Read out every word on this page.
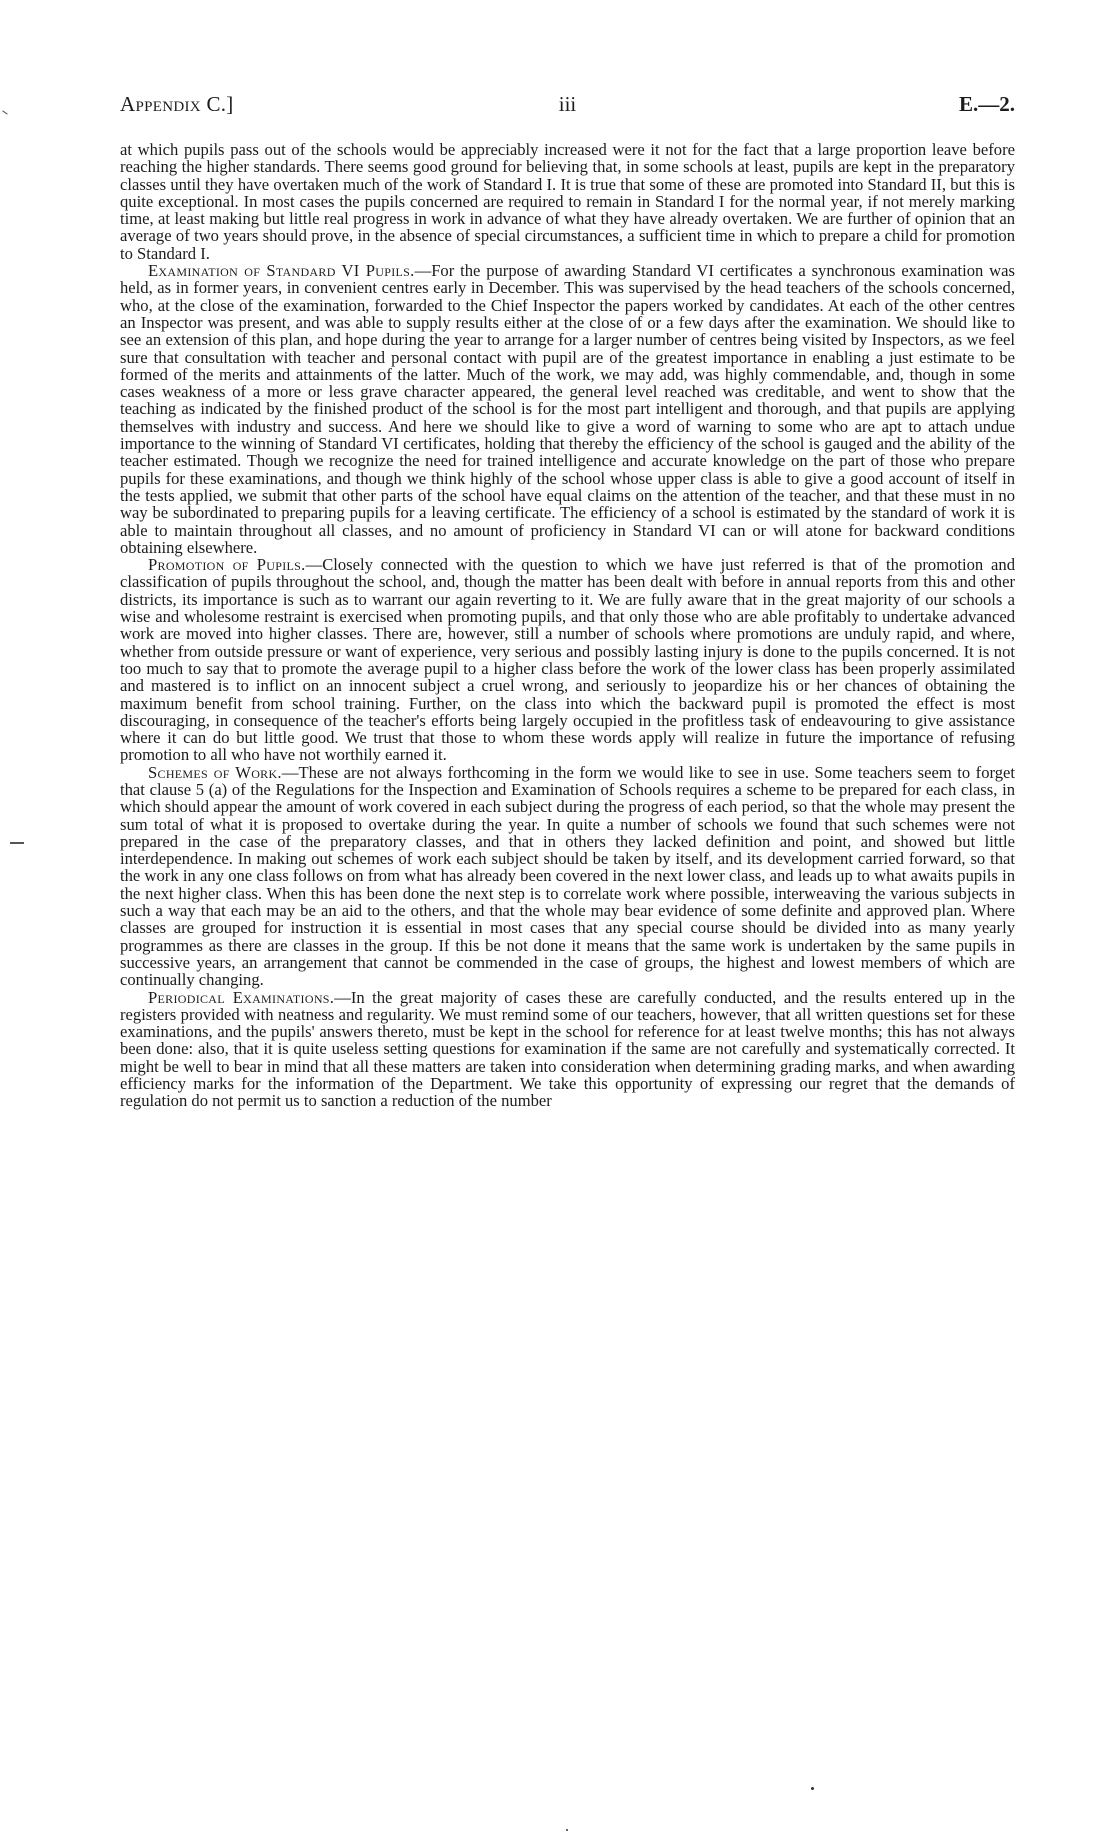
Appendix C.]	iii	E.—2.

at which pupils pass out of the schools would be appreciably increased were it not for the fact that a large proportion leave before reaching the higher standards. There seems good ground for believing that, in some schools at least, pupils are kept in the preparatory classes until they have overtaken much of the work of Standard I. It is true that some of these are promoted into Standard II, but this is quite exceptional. In most cases the pupils concerned are required to remain in Standard I for the normal year, if not merely marking time, at least making but little real progress in work in advance of what they have already overtaken. We are further of opinion that an average of two years should prove, in the absence of special circumstances, a sufficient time in which to prepare a child for promotion to Standard I.

Examination of Standard VI Pupils.—For the purpose of awarding Standard VI certificates a synchronous examination was held, as in former years, in convenient centres early in December. This was supervised by the head teachers of the schools concerned, who, at the close of the examination, forwarded to the Chief Inspector the papers worked by candidates. At each of the other centres an Inspector was present, and was able to supply results either at the close of or a few days after the examination. We should like to see an extension of this plan, and hope during the year to arrange for a larger number of centres being visited by Inspectors, as we feel sure that consultation with teacher and personal contact with pupil are of the greatest importance in enabling a just estimate to be formed of the merits and attainments of the latter. Much of the work, we may add, was highly commendable, and, though in some cases weakness of a more or less grave character appeared, the general level reached was creditable, and went to show that the teaching as indicated by the finished product of the school is for the most part intelligent and thorough, and that pupils are applying themselves with industry and success. And here we should like to give a word of warning to some who are apt to attach undue importance to the winning of Standard VI certificates, holding that thereby the efficiency of the school is gauged and the ability of the teacher estimated. Though we recognize the need for trained intelligence and accurate knowledge on the part of those who prepare pupils for these examinations, and though we think highly of the school whose upper class is able to give a good account of itself in the tests applied, we submit that other parts of the school have equal claims on the attention of the teacher, and that these must in no way be subordinated to preparing pupils for a leaving certificate. The efficiency of a school is estimated by the standard of work it is able to maintain throughout all classes, and no amount of proficiency in Standard VI can or will atone for backward conditions obtaining elsewhere.

Promotion of Pupils.—Closely connected with the question to which we have just referred is that of the promotion and classification of pupils throughout the school, and, though the matter has been dealt with before in annual reports from this and other districts, its importance is such as to warrant our again reverting to it. We are fully aware that in the great majority of our schools a wise and wholesome restraint is exercised when promoting pupils, and that only those who are able profitably to undertake advanced work are moved into higher classes. There are, however, still a number of schools where promotions are unduly rapid, and where, whether from outside pressure or want of experience, very serious and possibly lasting injury is done to the pupils concerned. It is not too much to say that to promote the average pupil to a higher class before the work of the lower class has been properly assimilated and mastered is to inflict on an innocent subject a cruel wrong, and seriously to jeopardize his or her chances of obtaining the maximum benefit from school training. Further, on the class into which the backward pupil is promoted the effect is most discouraging, in consequence of the teacher's efforts being largely occupied in the profitless task of endeavouring to give assistance where it can do but little good. We trust that those to whom these words apply will realize in future the importance of refusing promotion to all who have not worthily earned it.

Schemes of Work.—These are not always forthcoming in the form we would like to see in use. Some teachers seem to forget that clause 5 (a) of the Regulations for the Inspection and Examination of Schools requires a scheme to be prepared for each class, in which should appear the amount of work covered in each subject during the progress of each period, so that the whole may present the sum total of what it is proposed to overtake during the year. In quite a number of schools we found that such schemes were not prepared in the case of the preparatory classes, and that in others they lacked definition and point, and showed but little interdependence. In making out schemes of work each subject should be taken by itself, and its development carried forward, so that the work in any one class follows on from what has already been covered in the next lower class, and leads up to what awaits pupils in the next higher class. When this has been done the next step is to correlate work where possible, interweaving the various subjects in such a way that each may be an aid to the others, and that the whole may bear evidence of some definite and approved plan. Where classes are grouped for instruction it is essential in most cases that any special course should be divided into as many yearly programmes as there are classes in the group. If this be not done it means that the same work is undertaken by the same pupils in successive years, an arrangement that cannot be commended in the case of groups, the highest and lowest members of which are continually changing.

Periodical Examinations.—In the great majority of cases these are carefully conducted, and the results entered up in the registers provided with neatness and regularity. We must remind some of our teachers, however, that all written questions set for these examinations, and the pupils' answers thereto, must be kept in the school for reference for at least twelve months; this has not always been done: also, that it is quite useless setting questions for examination if the same are not carefully and systematically corrected. It might be well to bear in mind that all these matters are taken into consideration when determining grading marks, and when awarding efficiency marks for the information of the Department. We take this opportunity of expressing our regret that the demands of regulation do not permit us to sanction a reduction of the number
